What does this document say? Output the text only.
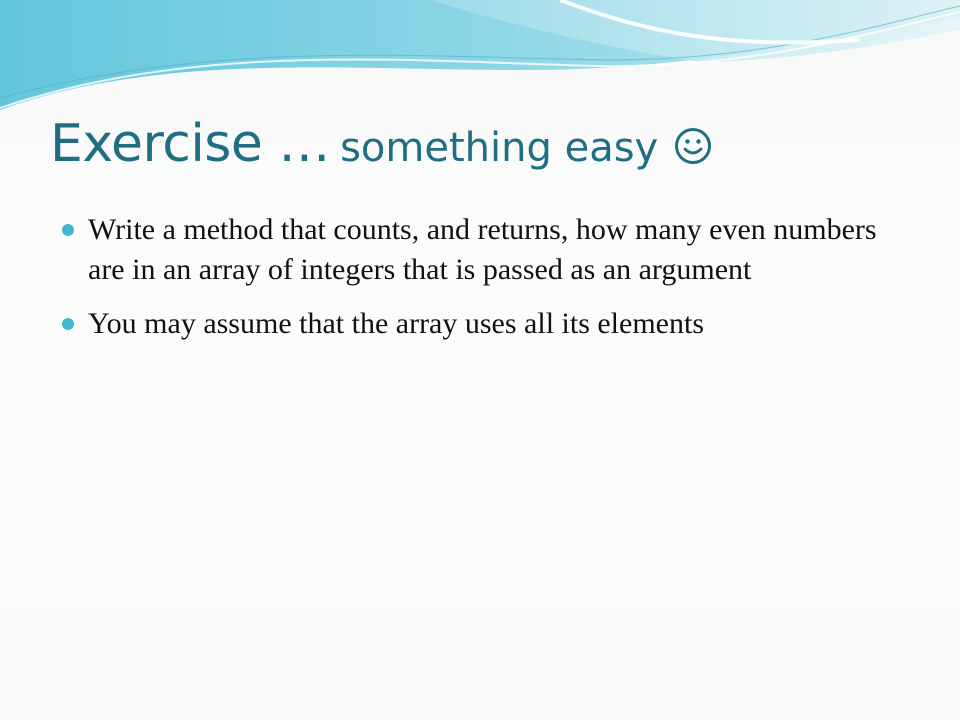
Exercise … something easy
Write a method that counts, and returns, how many even numbers are in an array of integers that is passed as an argument
You may assume that the array uses all its elements
